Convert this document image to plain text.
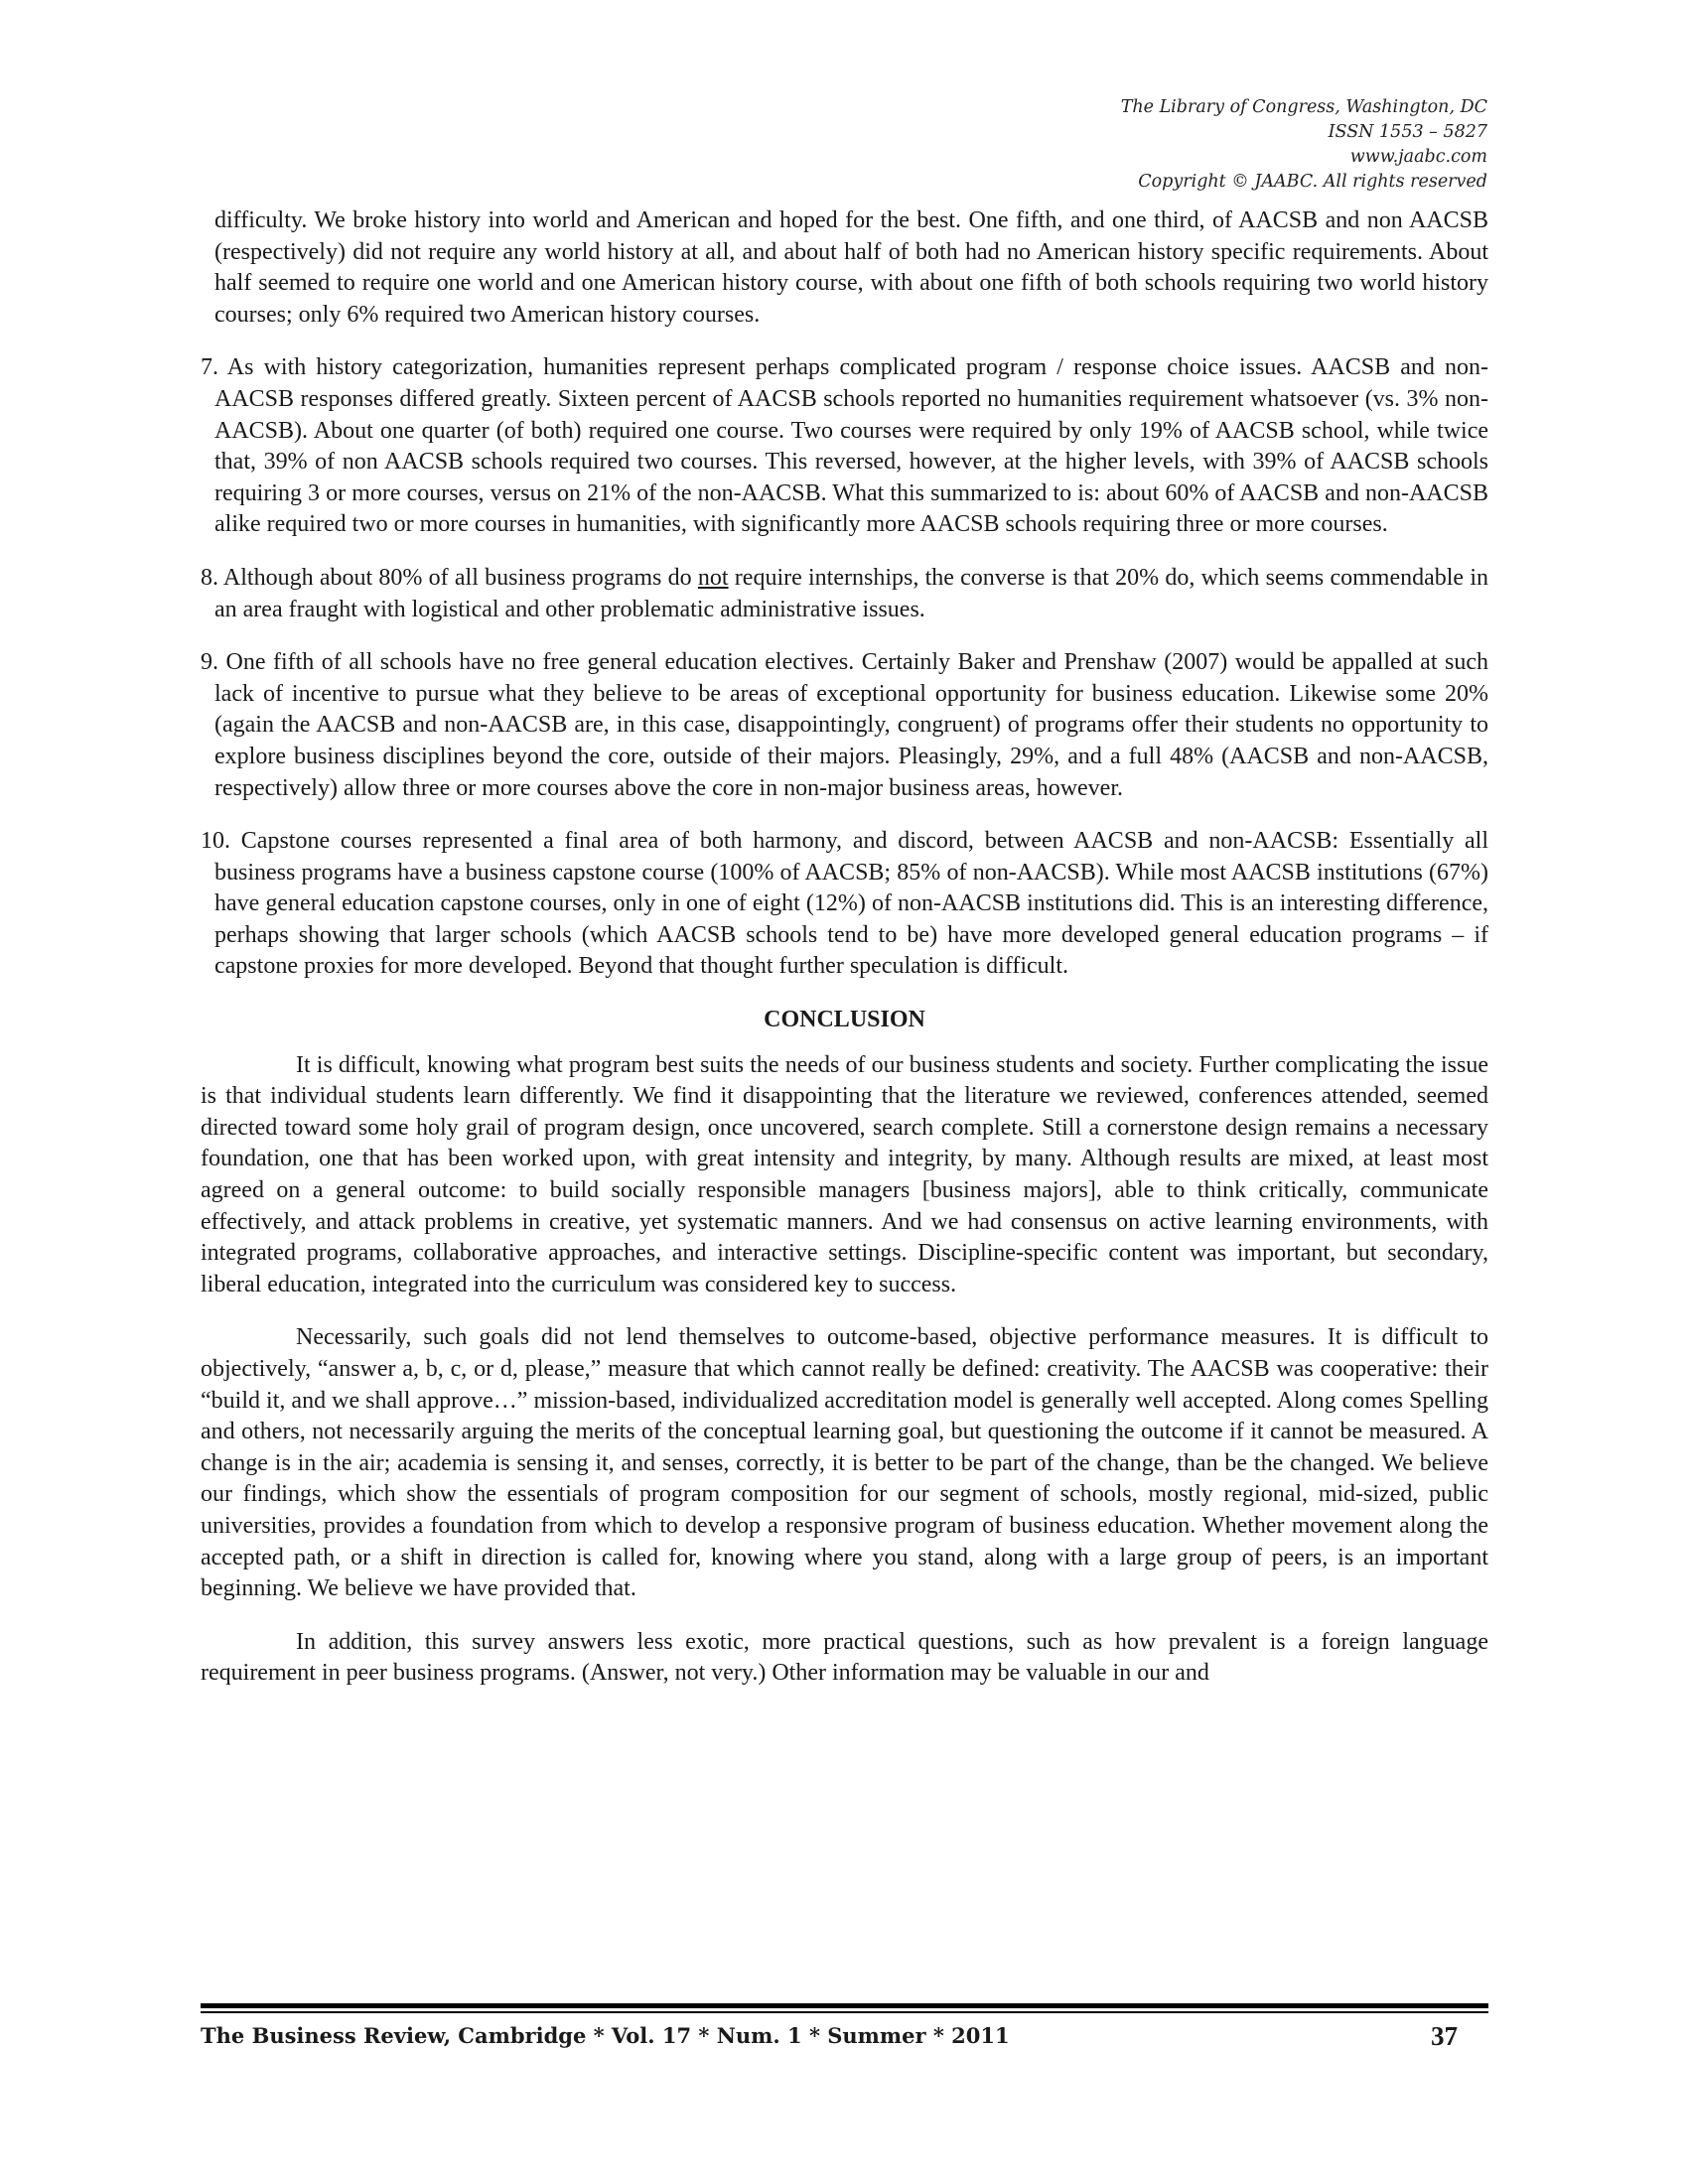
The Library of Congress, Washington, DC
ISSN 1553 – 5827
www.jaabc.com
Copyright © JAABC. All rights reserved

difficulty. We broke history into world and American and hoped for the best. One fifth, and one third, of AACSB and non AACSB (respectively) did not require any world history at all, and about half of both had no American history specific requirements. About half seemed to require one world and one American history course, with about one fifth of both schools requiring two world history courses; only 6% required two American history courses.

7. As with history categorization, humanities represent perhaps complicated program / response choice issues. AACSB and non-AACSB responses differed greatly. Sixteen percent of AACSB schools reported no humanities requirement whatsoever (vs. 3% non-AACSB). About one quarter (of both) required one course. Two courses were required by only 19% of AACSB school, while twice that, 39% of non AACSB schools required two courses. This reversed, however, at the higher levels, with 39% of AACSB schools requiring 3 or more courses, versus on 21% of the non-AACSB. What this summarized to is: about 60% of AACSB and non-AACSB alike required two or more courses in humanities, with significantly more AACSB schools requiring three or more courses.

8. Although about 80% of all business programs do not require internships, the converse is that 20% do, which seems commendable in an area fraught with logistical and other problematic administrative issues.

9. One fifth of all schools have no free general education electives. Certainly Baker and Prenshaw (2007) would be appalled at such lack of incentive to pursue what they believe to be areas of exceptional opportunity for business education. Likewise some 20% (again the AACSB and non-AACSB are, in this case, disappointingly, congruent) of programs offer their students no opportunity to explore business disciplines beyond the core, outside of their majors. Pleasingly, 29%, and a full 48% (AACSB and non-AACSB, respectively) allow three or more courses above the core in non-major business areas, however.

10. Capstone courses represented a final area of both harmony, and discord, between AACSB and non-AACSB: Essentially all business programs have a business capstone course (100% of AACSB; 85% of non-AACSB). While most AACSB institutions (67%) have general education capstone courses, only in one of eight (12%) of non-AACSB institutions did. This is an interesting difference, perhaps showing that larger schools (which AACSB schools tend to be) have more developed general education programs – if capstone proxies for more developed. Beyond that thought further speculation is difficult.

CONCLUSION

It is difficult, knowing what program best suits the needs of our business students and society. Further complicating the issue is that individual students learn differently. We find it disappointing that the literature we reviewed, conferences attended, seemed directed toward some holy grail of program design, once uncovered, search complete. Still a cornerstone design remains a necessary foundation, one that has been worked upon, with great intensity and integrity, by many. Although results are mixed, at least most agreed on a general outcome: to build socially responsible managers [business majors], able to think critically, communicate effectively, and attack problems in creative, yet systematic manners. And we had consensus on active learning environments, with integrated programs, collaborative approaches, and interactive settings. Discipline-specific content was important, but secondary, liberal education, integrated into the curriculum was considered key to success.

Necessarily, such goals did not lend themselves to outcome-based, objective performance measures. It is difficult to objectively, “answer a, b, c, or d, please,” measure that which cannot really be defined: creativity. The AACSB was cooperative: their “build it, and we shall approve…” mission-based, individualized accreditation model is generally well accepted. Along comes Spelling and others, not necessarily arguing the merits of the conceptual learning goal, but questioning the outcome if it cannot be measured. A change is in the air; academia is sensing it, and senses, correctly, it is better to be part of the change, than be the changed. We believe our findings, which show the essentials of program composition for our segment of schools, mostly regional, mid-sized, public universities, provides a foundation from which to develop a responsive program of business education. Whether movement along the accepted path, or a shift in direction is called for, knowing where you stand, along with a large group of peers, is an important beginning. We believe we have provided that.

In addition, this survey answers less exotic, more practical questions, such as how prevalent is a foreign language requirement in peer business programs. (Answer, not very.) Other information may be valuable in our and

The Business Review, Cambridge * Vol. 17 * Num. 1 * Summer * 2011	37
